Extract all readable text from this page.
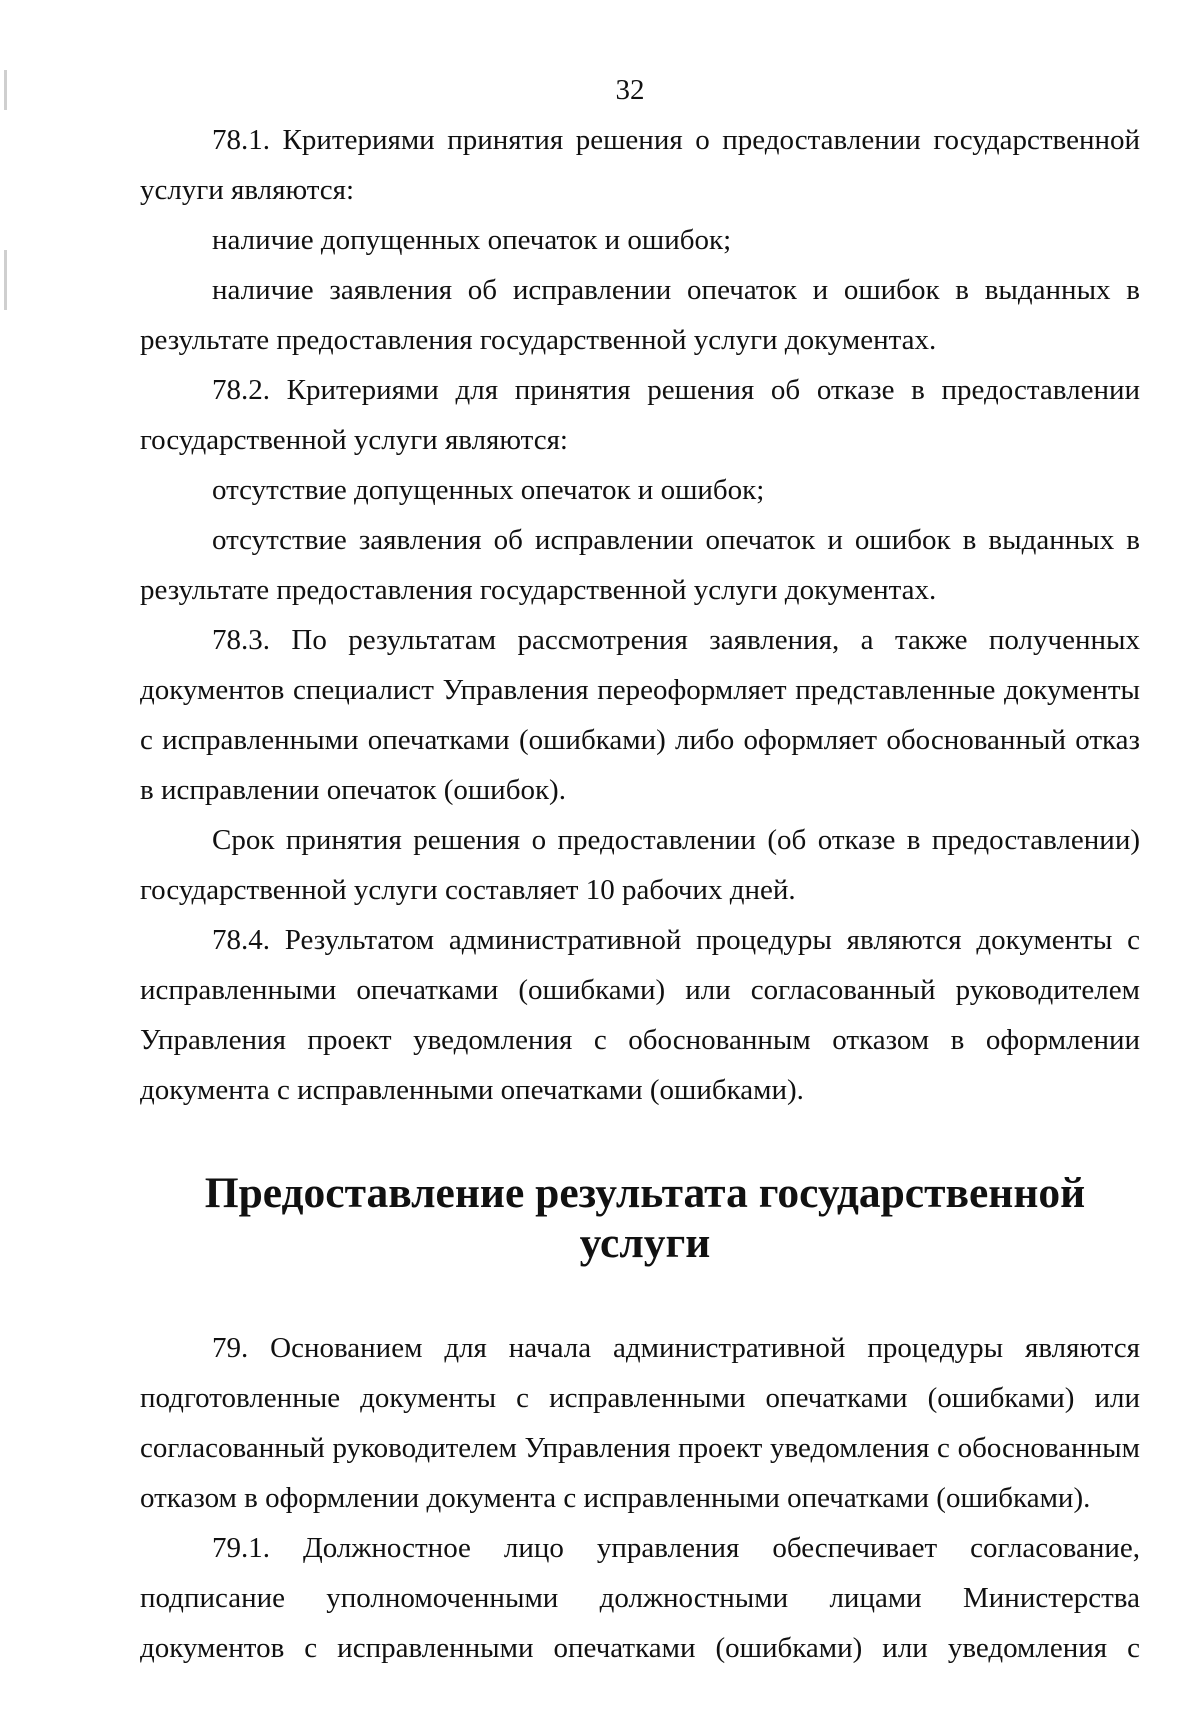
32

78.1. Критериями принятия решения о предоставлении государственной услуги являются:

наличие допущенных опечаток и ошибок;

наличие заявления об исправлении опечаток и ошибок в выданных в результате предоставления государственной услуги документах.

78.2. Критериями для принятия решения об отказе в предоставлении государственной услуги являются:

отсутствие допущенных опечаток и ошибок;

отсутствие заявления об исправлении опечаток и ошибок в выданных в результате предоставления государственной услуги документах.

78.3. По результатам рассмотрения заявления, а также полученных документов специалист Управления переоформляет представленные документы с исправленными опечатками (ошибками) либо оформляет обоснованный отказ в исправлении опечаток (ошибок).

Срок принятия решения о предоставлении (об отказе в предоставлении) государственной услуги составляет 10 рабочих дней.

78.4. Результатом административной процедуры являются документы с исправленными опечатками (ошибками) или согласованный руководителем Управления проект уведомления с обоснованным отказом в оформлении документа с исправленными опечатками (ошибками).

Предоставление результата государственной услуги

79. Основанием для начала административной процедуры являются подготовленные документы с исправленными опечатками (ошибками) или согласованный руководителем Управления проект уведомления с обоснованным отказом в оформлении документа с исправленными опечатками (ошибками).

79.1. Должностное лицо управления обеспечивает согласование, подписание уполномоченными должностными лицами Министерства документов с исправленными опечатками (ошибками) или уведомления с
